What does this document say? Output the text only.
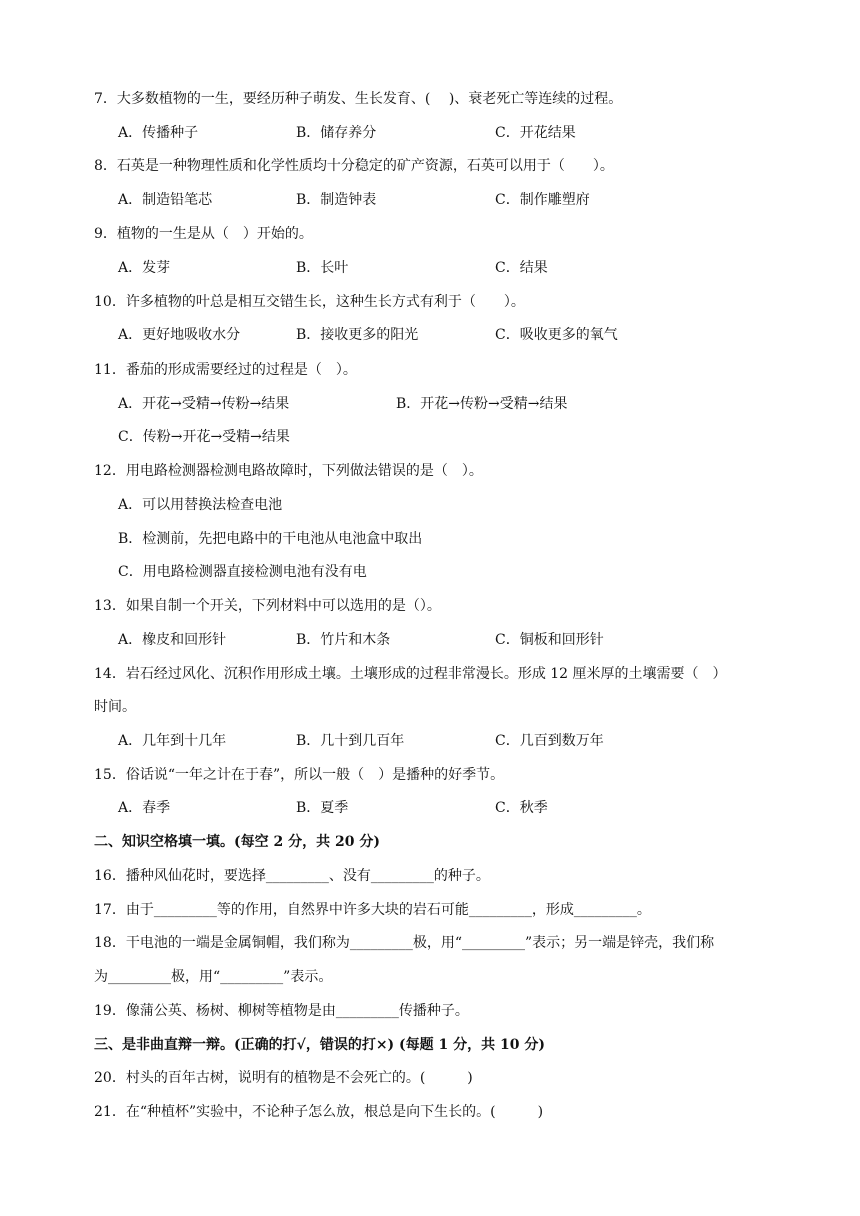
7．大多数植物的一生，要经历种子萌发、生长发育、(　 )、衰老死亡等连续的过程。
A．传播种子	B．储存养分	C．开花结果
8．石英是一种物理性质和化学性质均十分稳定的矿产资源，石英可以用于（　　）。
A．制造铅笔芯	B．制造钟表	C．制作雕塑府
9．植物的一生是从（　）开始的。
A．发芽	B．长叶	C．结果
10．许多植物的叶总是相互交错生长，这种生长方式有利于（　　）。
A．更好地吸收水分	B．接收更多的阳光	C．吸收更多的氧气
11．番茄的形成需要经过的过程是（　）。
A．开花→受精→传粉→结果	B．开花→传粉→受精→结果
C．传粉→开花→受精→结果
12．用电路检测器检测电路故障时，下列做法错误的是（　）。
A．可以用替换法检查电池
B．检测前，先把电路中的干电池从电池盒中取出
C．用电路检测器直接检测电池有没有电
13．如果自制一个开关，下列材料中可以选用的是（）。
A．橡皮和回形针	B．竹片和木条	C．铜板和回形针
14．岩石经过风化、沉积作用形成土壤。土壤形成的过程非常漫长。形成 12 厘米厚的土壤需要（　）
时间。
A．几年到十几年	B．几十到几百年	C．几百到数万年
15．俗话说“一年之计在于春”，所以一般（　）是播种的好季节。
A．春季	B．夏季	C．秋季
二、知识空格填一填。(每空 2 分，共 20 分)
16．播种风仙花时，要选择_________、没有_________的种子。
17．由于_________等的作用，自然界中许多大块的岩石可能_________，形成_________。
18．干电池的一端是金属铜帽，我们称为_________极，用“_________”表示；另一端是锌壳，我们称
为_________极，用“_________”表示。
19．像蒲公英、杨树、柳树等植物是由_________传播种子。
三、是非曲直辩一辩。(正确的打√，错误的打×) (每题 1 分，共 10 分)
20．村头的百年古树，说明有的植物是不会死亡的。(　　　)
21．在“种植杯”实验中，不论种子怎么放，根总是向下生长的。(　　　)
